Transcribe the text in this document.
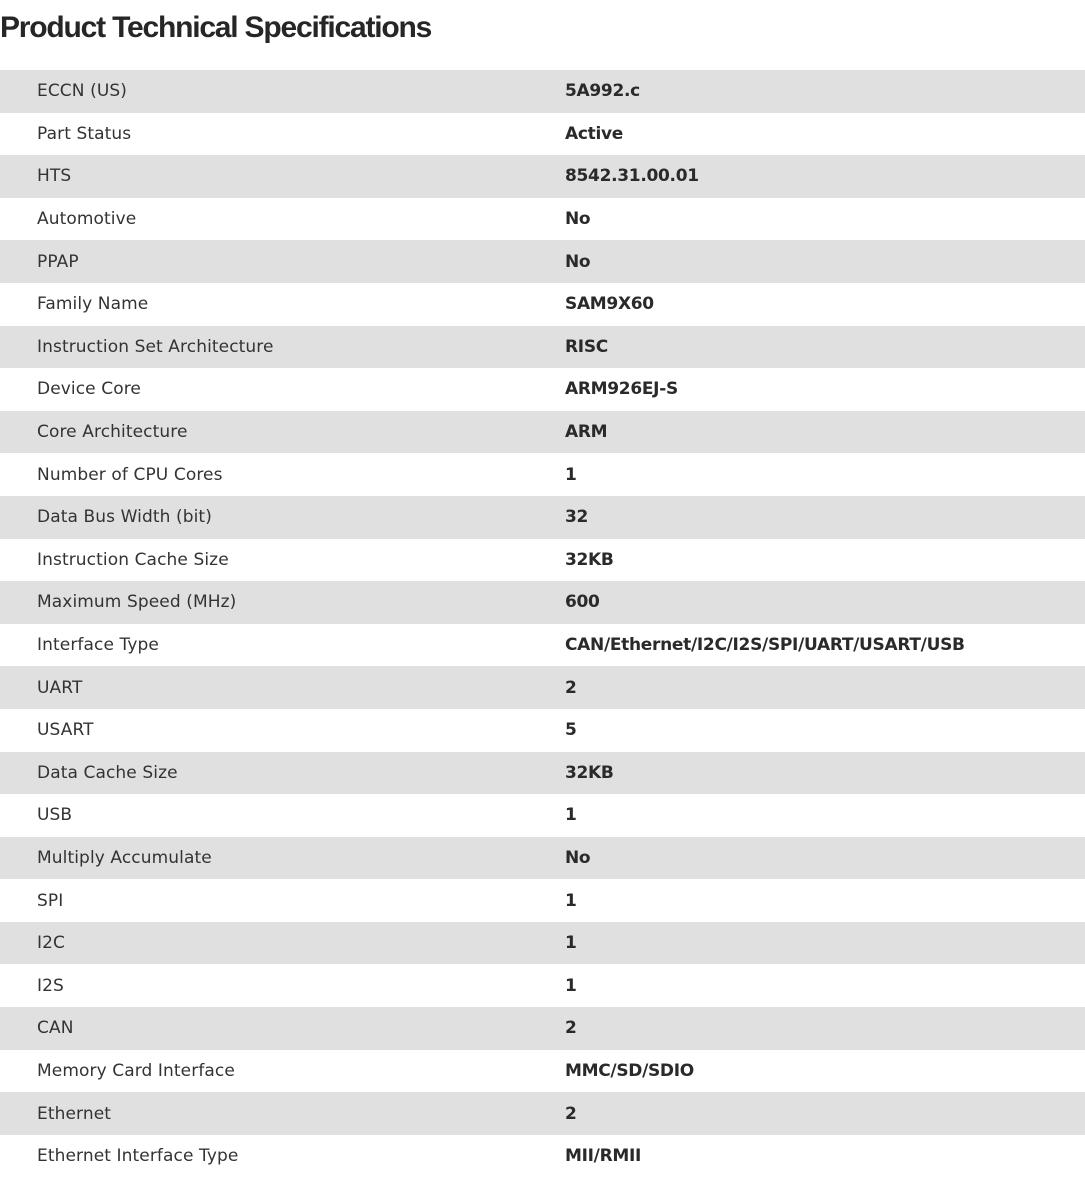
Product Technical Specifications
ECCN (US)	5A992.c
Part Status	Active
HTS	8542.31.00.01
Automotive	No
PPAP	No
Family Name	SAM9X60
Instruction Set Architecture	RISC
Device Core	ARM926EJ-S
Core Architecture	ARM
Number of CPU Cores	1
Data Bus Width (bit)	32
Instruction Cache Size	32KB
Maximum Speed (MHz)	600
Interface Type	CAN/Ethernet/I2C/I2S/SPI/UART/USART/USB
UART	2
USART	5
Data Cache Size	32KB
USB	1
Multiply Accumulate	No
SPI	1
I2C	1
I2S	1
CAN	2
Memory Card Interface	MMC/SD/SDIO
Ethernet	2
Ethernet Interface Type	MII/RMII
